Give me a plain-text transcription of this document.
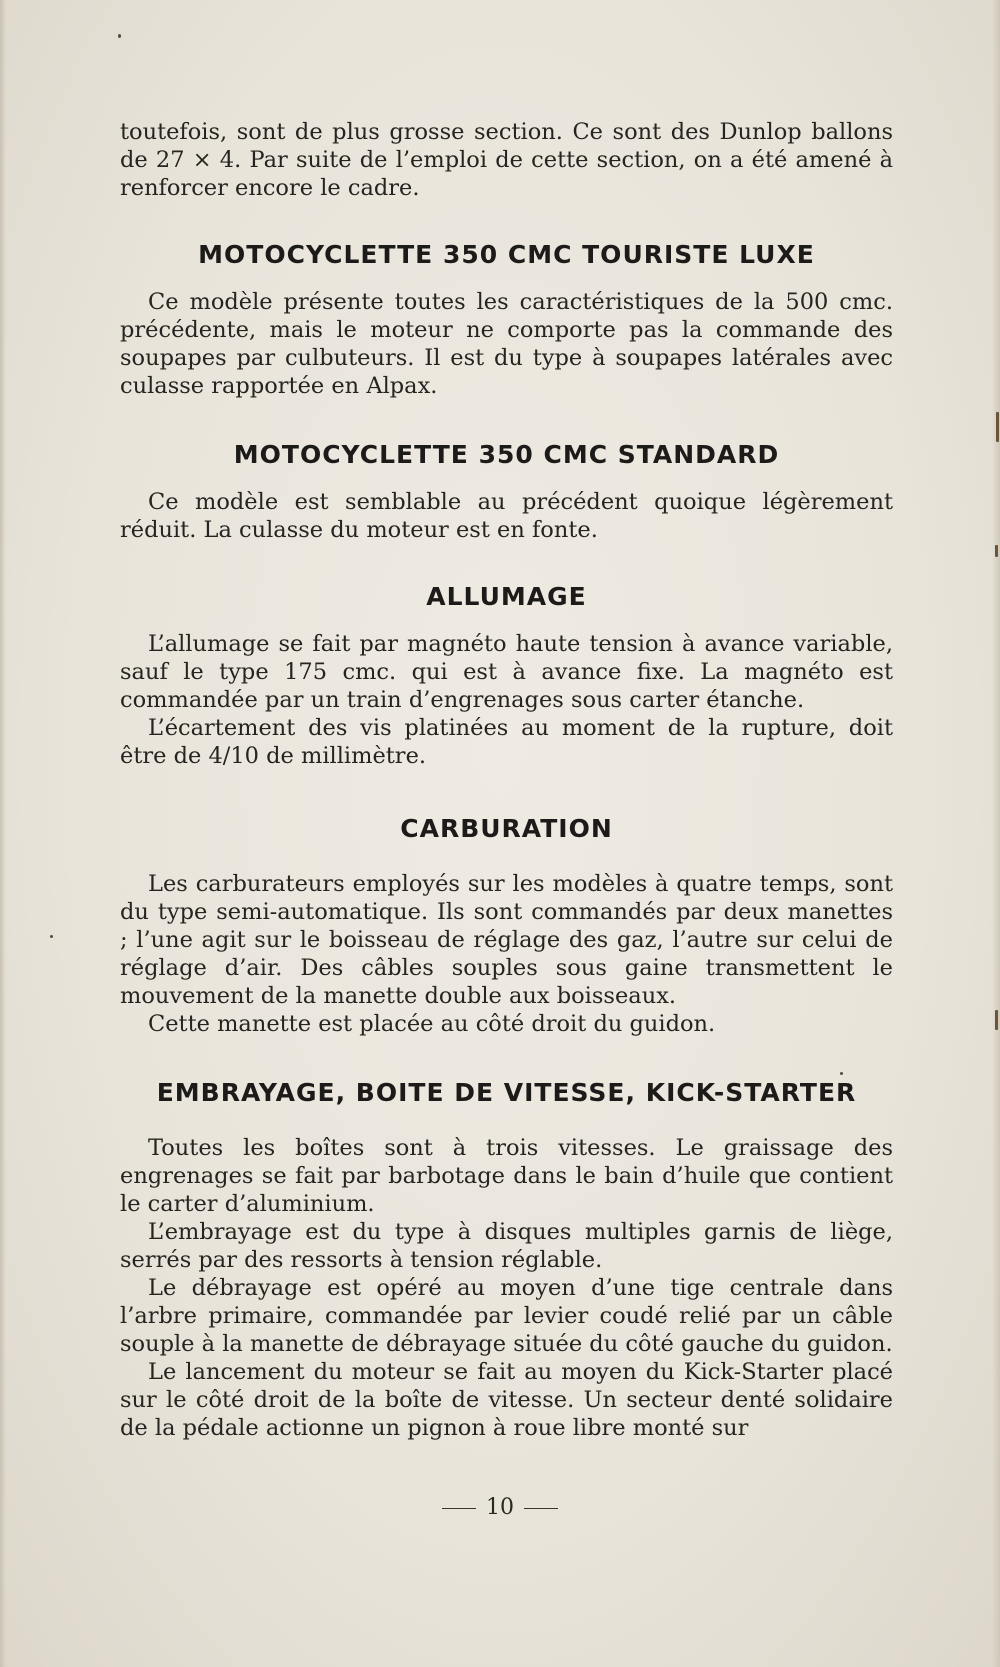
toutefois, sont de plus grosse section. Ce sont des Dunlop ballons de 27 × 4. Par suite de l’emploi de cette section, on a été amené à renforcer encore le cadre.

MOTOCYCLETTE 350 CMC TOURISTE LUXE

Ce modèle présente toutes les caractéristiques de la 500 cmc. précédente, mais le moteur ne comporte pas la commande des soupapes par culbuteurs. Il est du type à soupapes latérales avec culasse rapportée en Alpax.

MOTOCYCLETTE 350 CMC STANDARD

Ce modèle est semblable au précédent quoique légèrement réduit. La culasse du moteur est en fonte.

ALLUMAGE

L’allumage se fait par magnéto haute tension à avance variable, sauf le type 175 cmc. qui est à avance fixe. La magnéto est commandée par un train d’engrenages sous carter étanche.

L’écartement des vis platinées au moment de la rupture, doit être de 4/10 de millimètre.

CARBURATION

Les carburateurs employés sur les modèles à quatre temps, sont du type semi-automatique. Ils sont commandés par deux manettes ; l’une agit sur le boisseau de réglage des gaz, l’autre sur celui de réglage d’air. Des câbles souples sous gaine transmettent le mouvement de la manette double aux boisseaux.

Cette manette est placée au côté droit du guidon.

EMBRAYAGE, BOITE DE VITESSE, KICK-STARTER

Toutes les boîtes sont à trois vitesses. Le graissage des engrenages se fait par barbotage dans le bain d’huile que contient le carter d’aluminium.

L’embrayage est du type à disques multiples garnis de liège, serrés par des ressorts à tension réglable.

Le débrayage est opéré au moyen d’une tige centrale dans l’arbre primaire, commandée par levier coudé relié par un câble souple à la manette de débrayage située du côté gauche du guidon.

Le lancement du moteur se fait au moyen du Kick-Starter placé sur le côté droit de la boîte de vitesse. Un secteur denté solidaire de la pédale actionne un pignon à roue libre monté sur

10
